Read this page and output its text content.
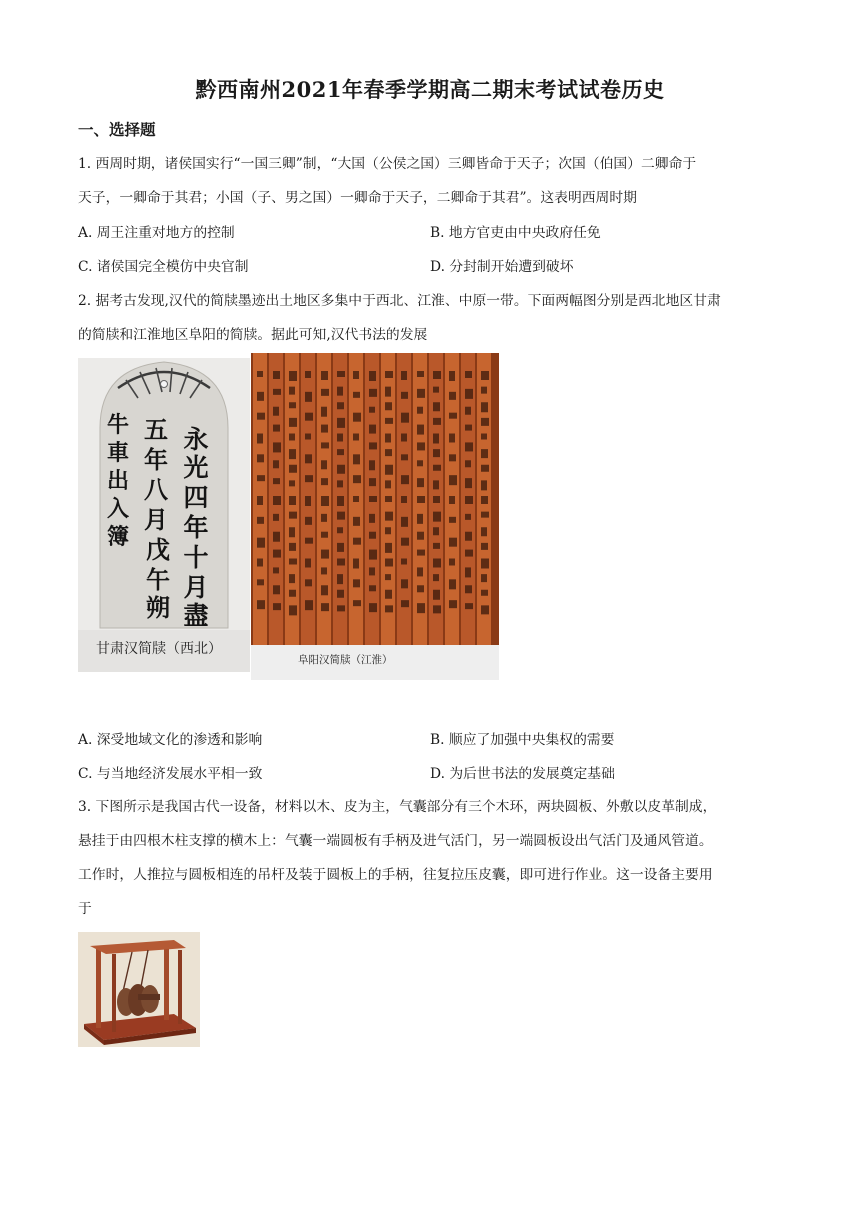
黔西南州2021年春季学期高二期末考试试卷历史
一、选择题
1. 西周时期，诸侯国实行“一国三卿”制，“大国（公侯之国）三卿皆命于天子；次国（伯国）二卿命于
天子，一卿命于其君；小国（子、男之国）一卿命于天子，二卿命于其君”。这表明西周时期
A. 周王注重对地方的控制	B. 地方官吏由中央政府任免
C. 诸侯国完全模仿中央官制	D. 分封制开始遭到破坏
2. 据考古发现,汉代的简牍墨迹出土地区多集中于西北、江淮、中原一带。下面两幅图分别是西北地区甘肃
的简牍和江淮地区阜阳的简牍。据此可知,汉代书法的发展
永
光
四
年
十
月
盡
五
年
八
月
戊
午
朔
牛
車
出
入
簿
甘肃汉简牍（西北）
阜阳汉简牍（江淮）
A. 深受地域文化的渗透和影响	B. 顺应了加强中央集权的需要
C. 与当地经济发展水平相一致	D. 为后世书法的发展奠定基础
3. 下图所示是我国古代一设备，材料以木、皮为主，气囊部分有三个木环，两块圆板、外敷以皮革制成，
悬挂于由四根木柱支撑的横木上：气囊一端圆板有手柄及进气活门，另一端圆板设出气活门及通风管道。
工作时，人推拉与圆板相连的吊杆及装于圆板上的手柄，往复拉压皮囊，即可进行作业。这一设备主要用
于
